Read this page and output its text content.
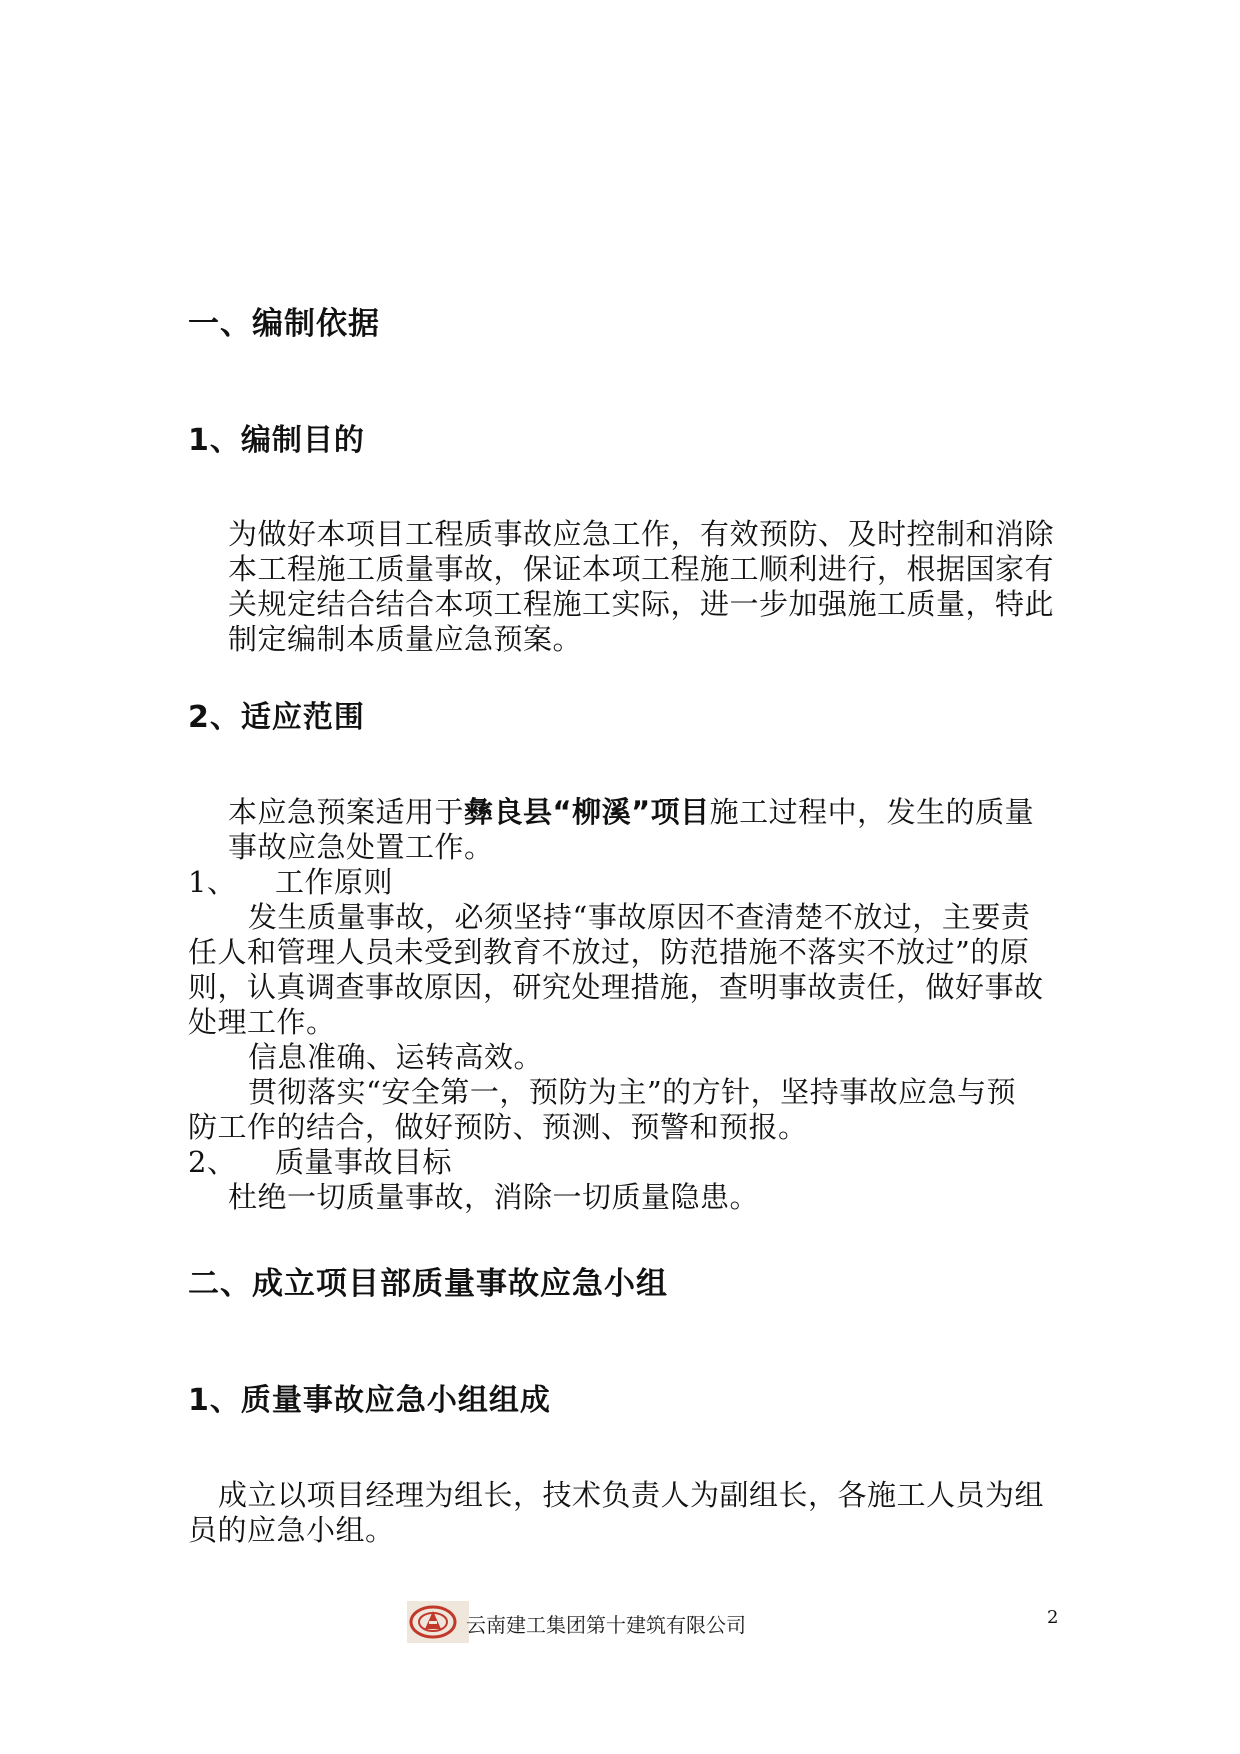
一、编制依据
1、编制目的
为做好本项目工程质事故应急工作，有效预防、及时控制和消除
本工程施工质量事故，保证本项工程施工顺利进行，根据国家有
关规定结合结合本项工程施工实际，进一步加强施工质量，特此
制定编制本质量应急预案。
2、适应范围
本应急预案适用于彝良县“柳溪”项目施工过程中，发生的质量
事故应急处置工作。
1、 工作原则
发生质量事故，必须坚持“事故原因不查清楚不放过，主要责
任人和管理人员未受到教育不放过，防范措施不落实不放过”的原
则，认真调查事故原因，研究处理措施，查明事故责任，做好事故
处理工作。
信息准确、运转高效。
贯彻落实“安全第一，预防为主”的方针，坚持事故应急与预
防工作的结合，做好预防、预测、预警和预报。
2、 质量事故目标
杜绝一切质量事故，消除一切质量隐患。
二、成立项目部质量事故应急小组
1、质量事故应急小组组成
成立以项目经理为组长，技术负责人为副组长，各施工人员为组
员的应急小组。
云南建工集团第十建筑有限公司	2
